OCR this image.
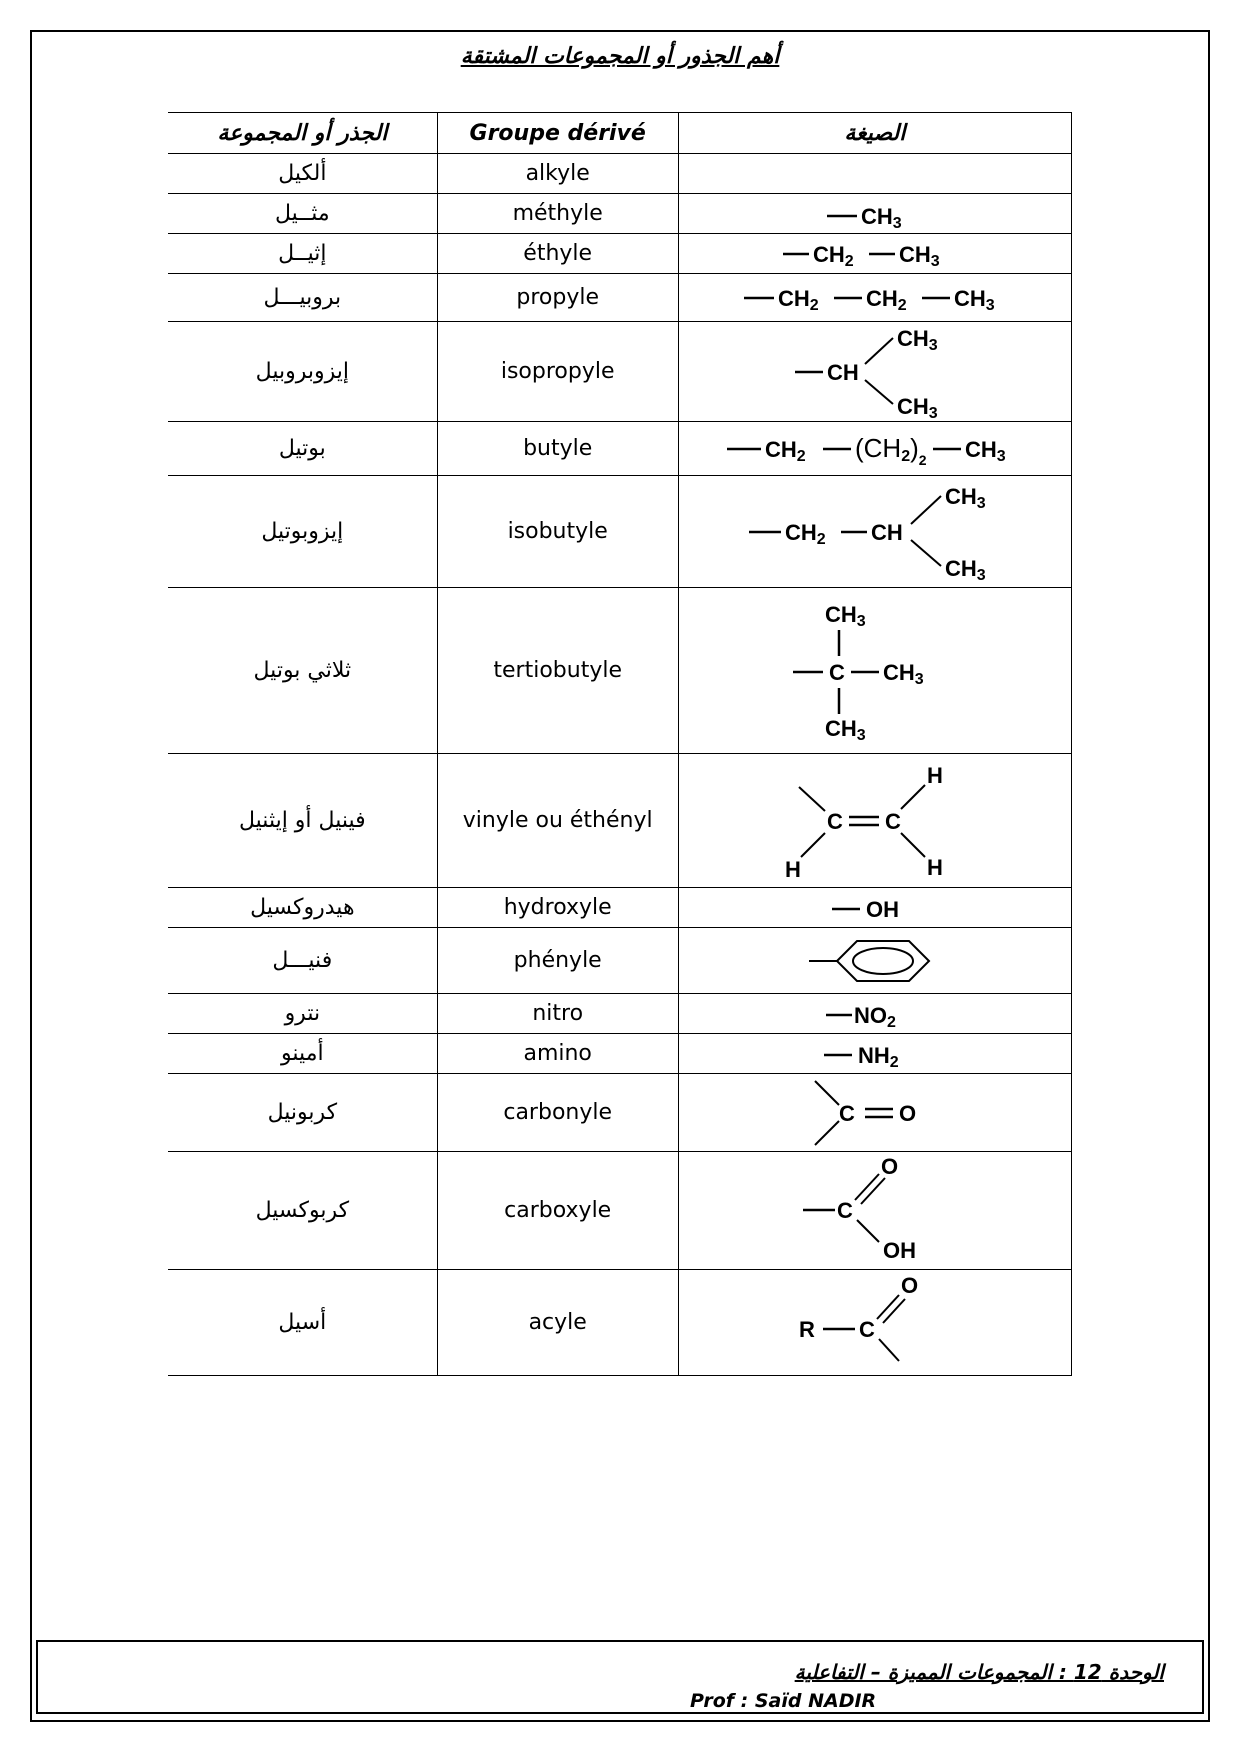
أهم الجذور أو المجموعات المشتقة
الجذر أو المجموعة	Groupe dérivé	الصيغة
ألكيل	alkyle	
مثــيل	méthyle	CH3

إثيــل	éthyle	CH2 CH3

بروبيـــل	propyle	CH2 CH2 CH3

إيزوبروبيل	isopropyle	CH
CH3
CH3

بوتيل	butyle	CH2 $(CH2)_2$ CH3

إيزوبوتيل	isobutyle	CH2 CH
CH3
CH3

ثلاثي بوتيل	tertiobutyle	CH3
C CH3
CH3

فينيل أو إيثنيل	vinyle ou éthényl	C C
H
H H

هيدروكسيل	hydroxyle	OH

فنيـــل	phényle	

نترو	nitro	NO2

أمينو	amino	NH2

كربونيل	carbonyle	C O

كربوكسيل	carboxyle	C
O
OH

أسيل	acyle	R C
O
الوحدة 12 : المجموعات المميزة – التفاعلية
Prof : Saïd NADIR
